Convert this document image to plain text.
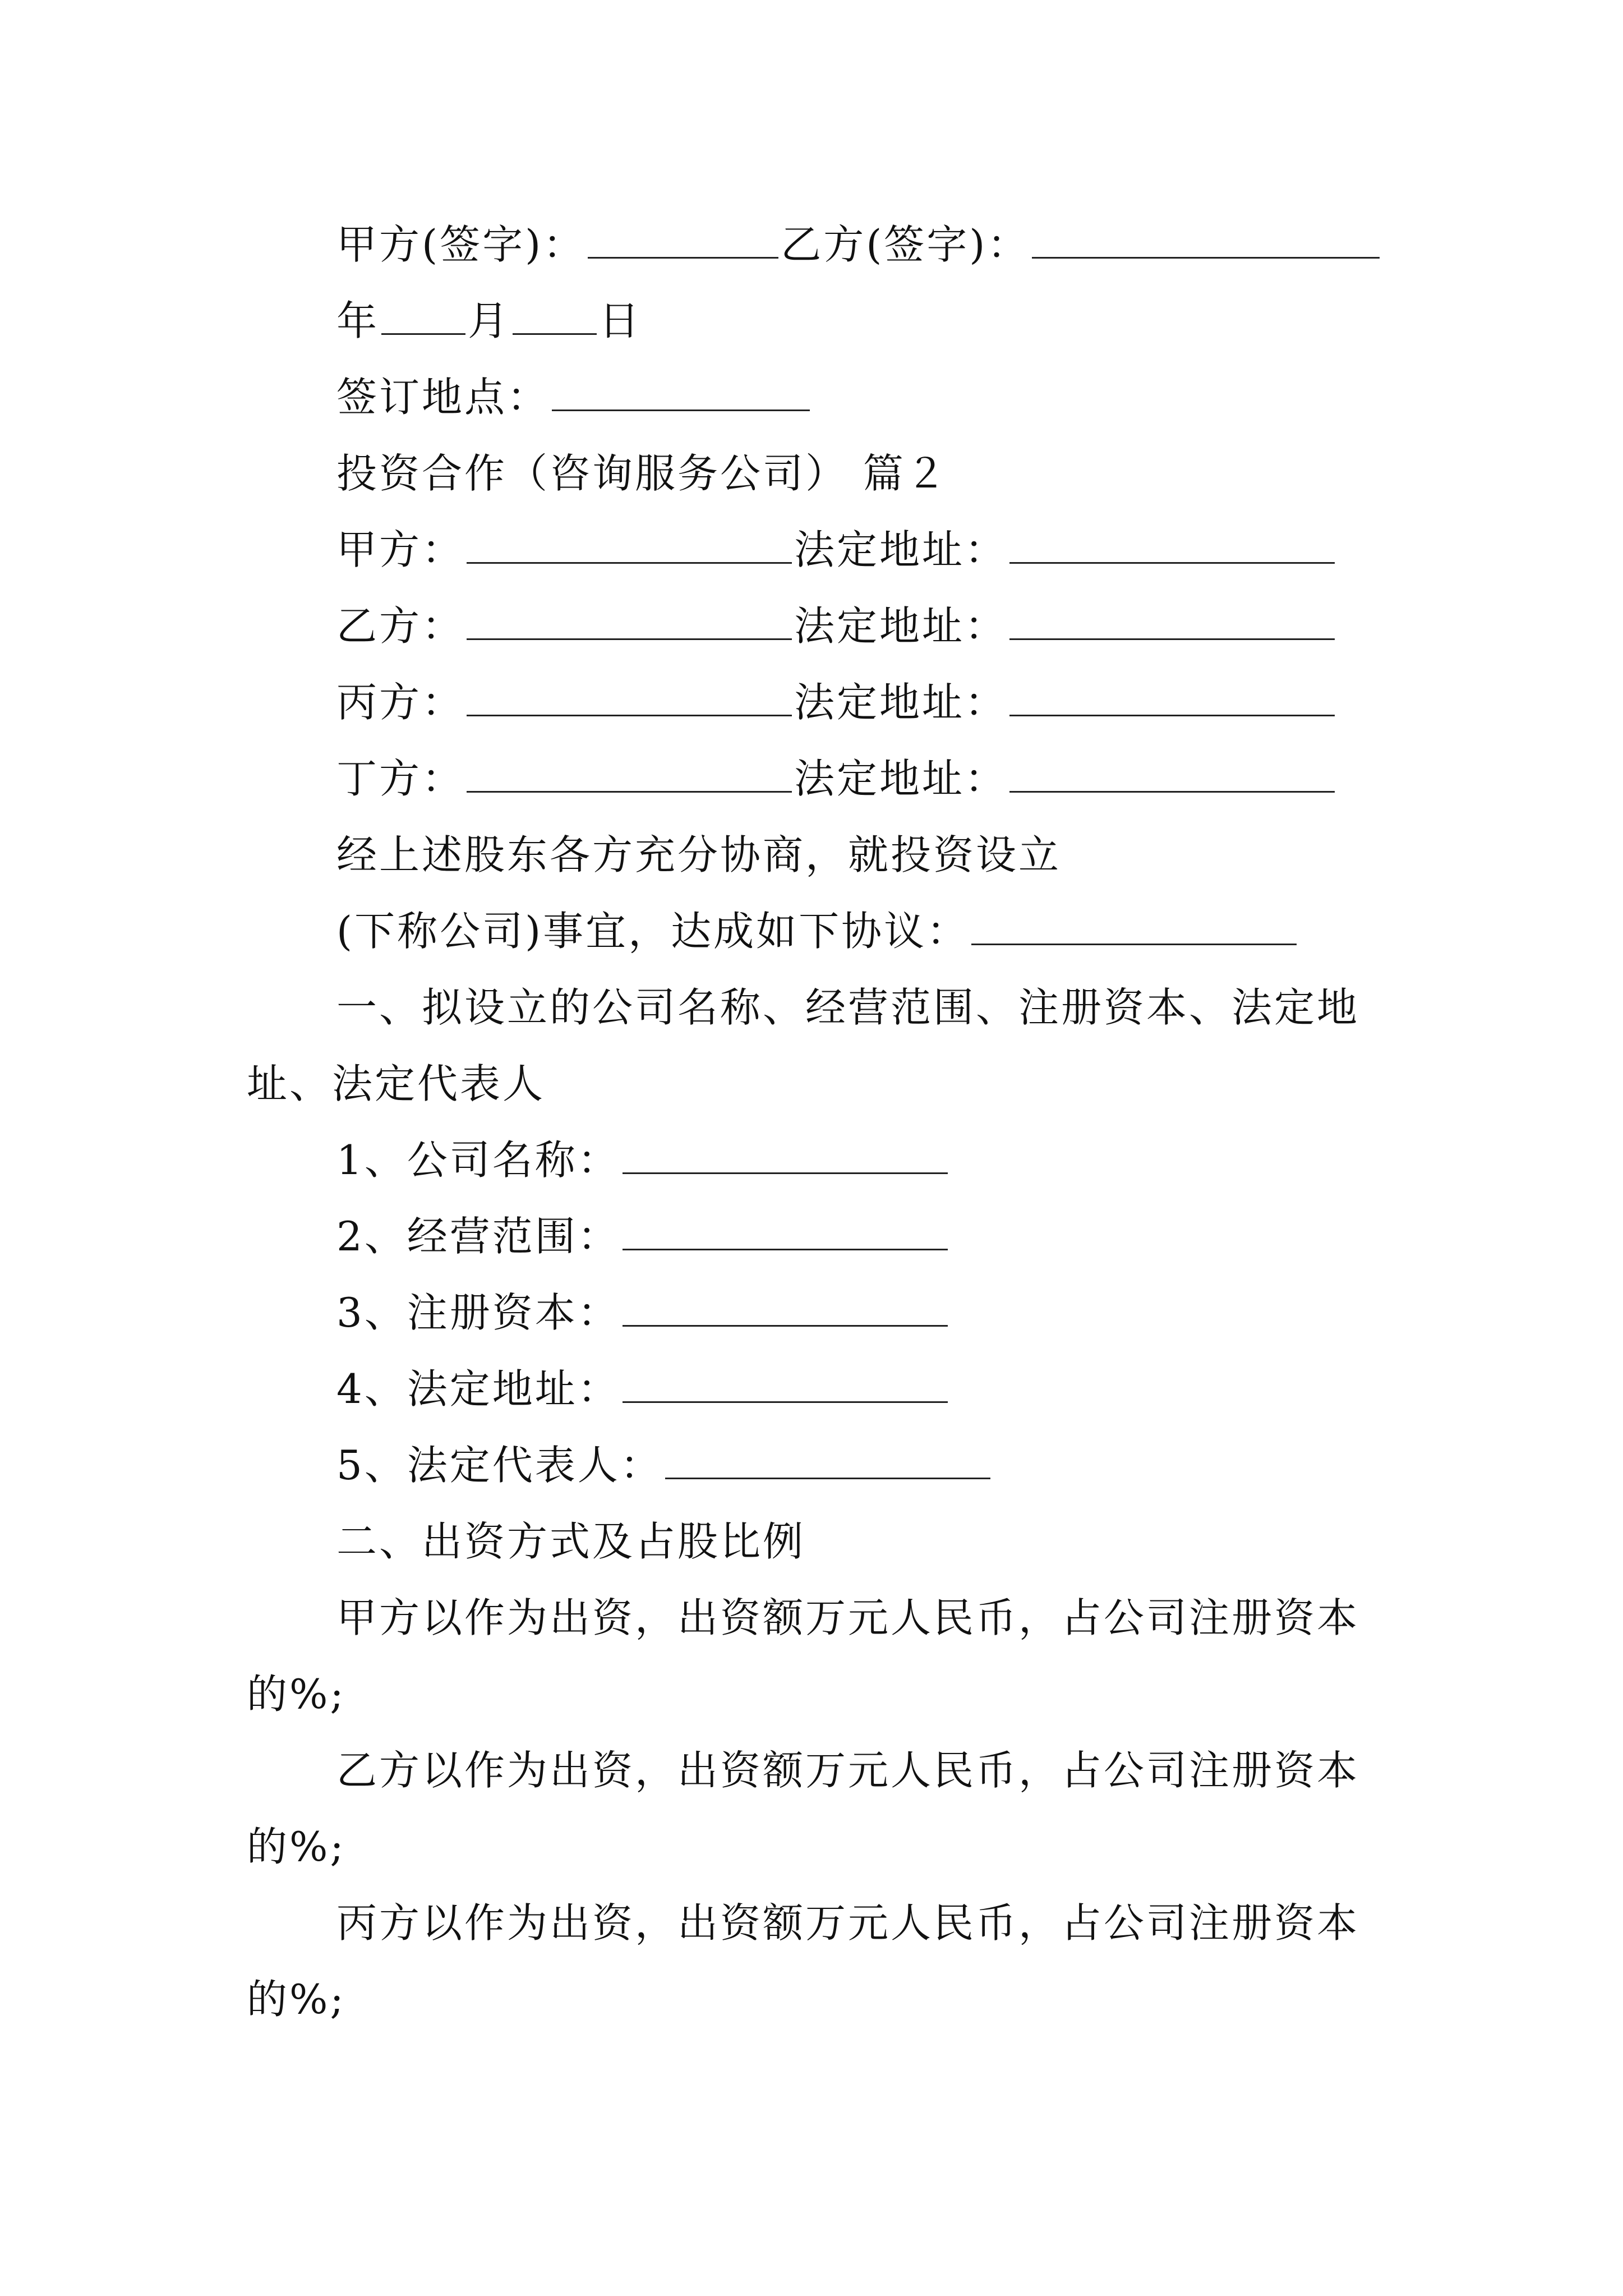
甲方(签字)：	乙方(签字)：
年 月 日
签订地点：
投资合作（咨询服务公司） 篇２
甲方：	法定地址：
乙方：	法定地址：
丙方：	法定地址：
丁方：	法定地址：
经上述股东各方充分协商，就投资设立
(下称公司)事宜，达成如下协议：
一、拟设立的公司名称、经营范围、注册资本、法定地
址、法定代表人
1、公司名称：
2、经营范围：
3、注册资本：
4、法定地址：
5、法定代表人：
二、出资方式及占股比例
甲方以作为出资，出资额万元人民币，占公司注册资本
的%;
乙方以作为出资，出资额万元人民币，占公司注册资本
的%;
丙方以作为出资，出资额万元人民币，占公司注册资本
的%;
